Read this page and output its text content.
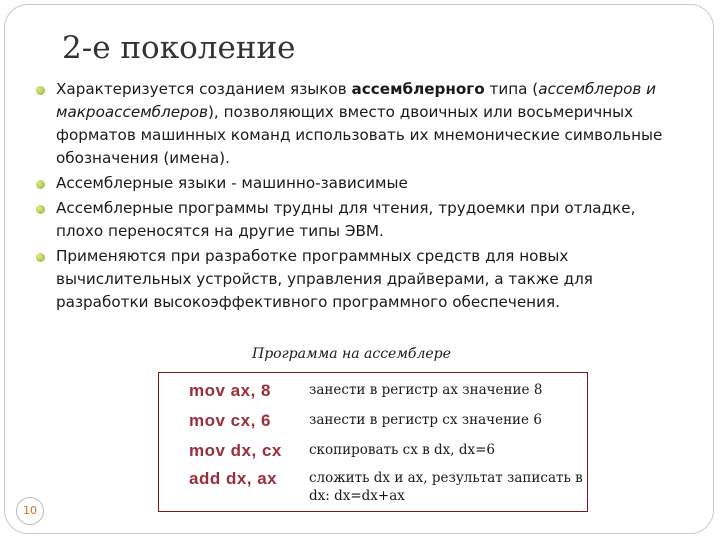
2-е поколение
Характеризуется созданием языков ассемблерного типа (ассемблеров и макроассемблеров), позволяющих вместо двоичных или восьмеричных форматов машинных команд использовать их мнемонические символьные обозначения (имена).
Ассемблерные языки - машинно-зависимые
Ассемблерные программы трудны для чтения, трудоемки при отладке, плохо переносятся на другие типы ЭВМ.
Применяются при разработке программных средств для новых вычислительных устройств, управления драйверами, а также для разработки высокоэффективного программного обеспечения.
Программа на ассемблере
mov ax, 8	занести в регистр ax значение 8
mov cx, 6	занести в регистр cx значение 6
mov dx, cx скопировать cx в dx, dx=6
add dx, ax сложить dx и ax, результат записать в dx: dx=dx+ax
10
